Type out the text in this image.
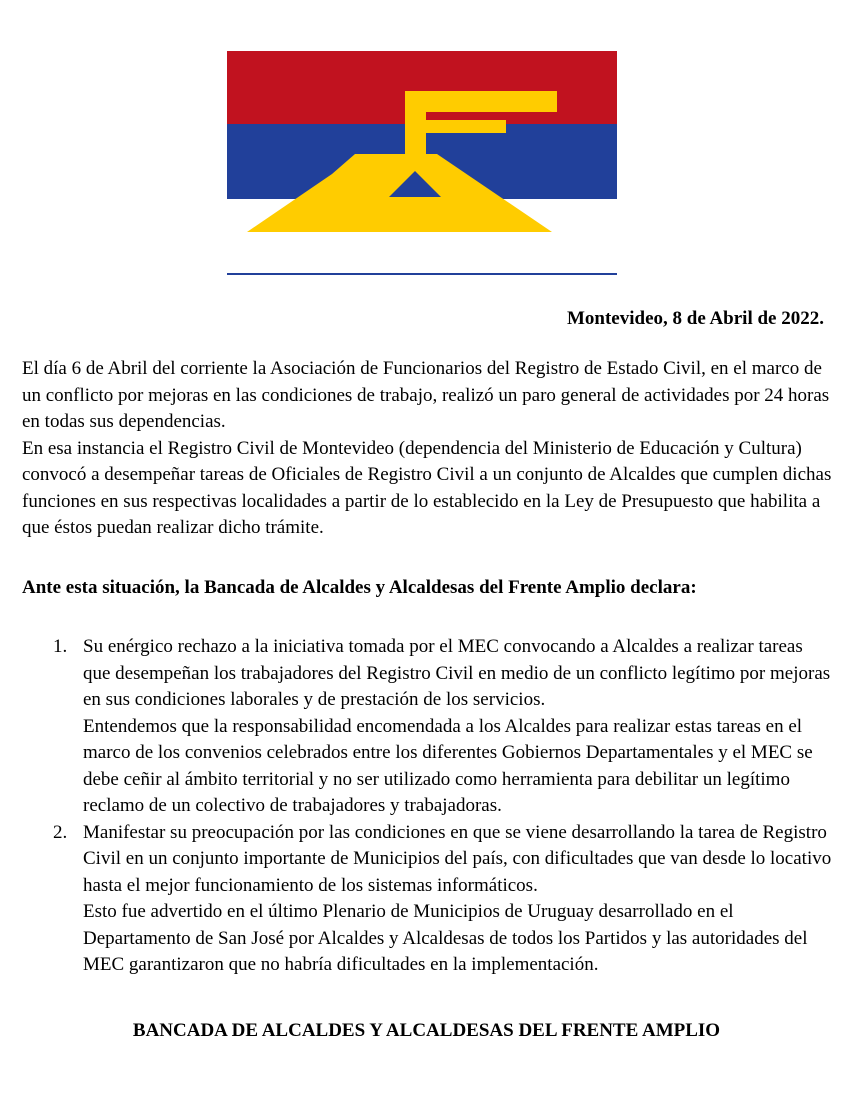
Montevideo, 8 de Abril de 2022.

El día 6 de Abril del corriente la Asociación de Funcionarios del Registro de Estado Civil, en el marco de un conflicto por mejoras en las condiciones de trabajo, realizó un paro general de actividades por 24 horas en todas sus dependencias.

En esa instancia el Registro Civil de Montevideo (dependencia del Ministerio de Educación y Cultura) convocó a desempeñar tareas de Oficiales de Registro Civil a un conjunto de Alcaldes que cumplen dichas funciones en sus respectivas localidades a partir de lo establecido en la Ley de Presupuesto que habilita a que éstos puedan realizar dicho trámite.

Ante esta situación, la Bancada de Alcaldes y Alcaldesas del Frente Amplio declara:

1. Su enérgico rechazo a la iniciativa tomada por el MEC convocando a Alcaldes a realizar tareas que desempeñan los trabajadores del Registro Civil en medio de un conflicto legítimo por mejoras en sus condiciones laborales y de prestación de los servicios.

Entendemos que la responsabilidad encomendada a los Alcaldes para realizar estas tareas en el marco de los convenios celebrados entre los diferentes Gobiernos Departamentales y el MEC se debe ceñir al ámbito territorial y no ser utilizado como herramienta para debilitar un legítimo reclamo de un colectivo de trabajadores y trabajadoras.

2. Manifestar su preocupación por las condiciones en que se viene desarrollando la tarea de Registro Civil en un conjunto importante de Municipios del país, con dificultades que van desde lo locativo hasta el mejor funcionamiento de los sistemas informáticos.

Esto fue advertido en el último Plenario de Municipios de Uruguay desarrollado en el Departamento de San José por Alcaldes y Alcaldesas de todos los Partidos y las autoridades del MEC garantizaron que no habría dificultades en la implementación.

BANCADA DE ALCALDES Y ALCALDESAS DEL FRENTE AMPLIO
